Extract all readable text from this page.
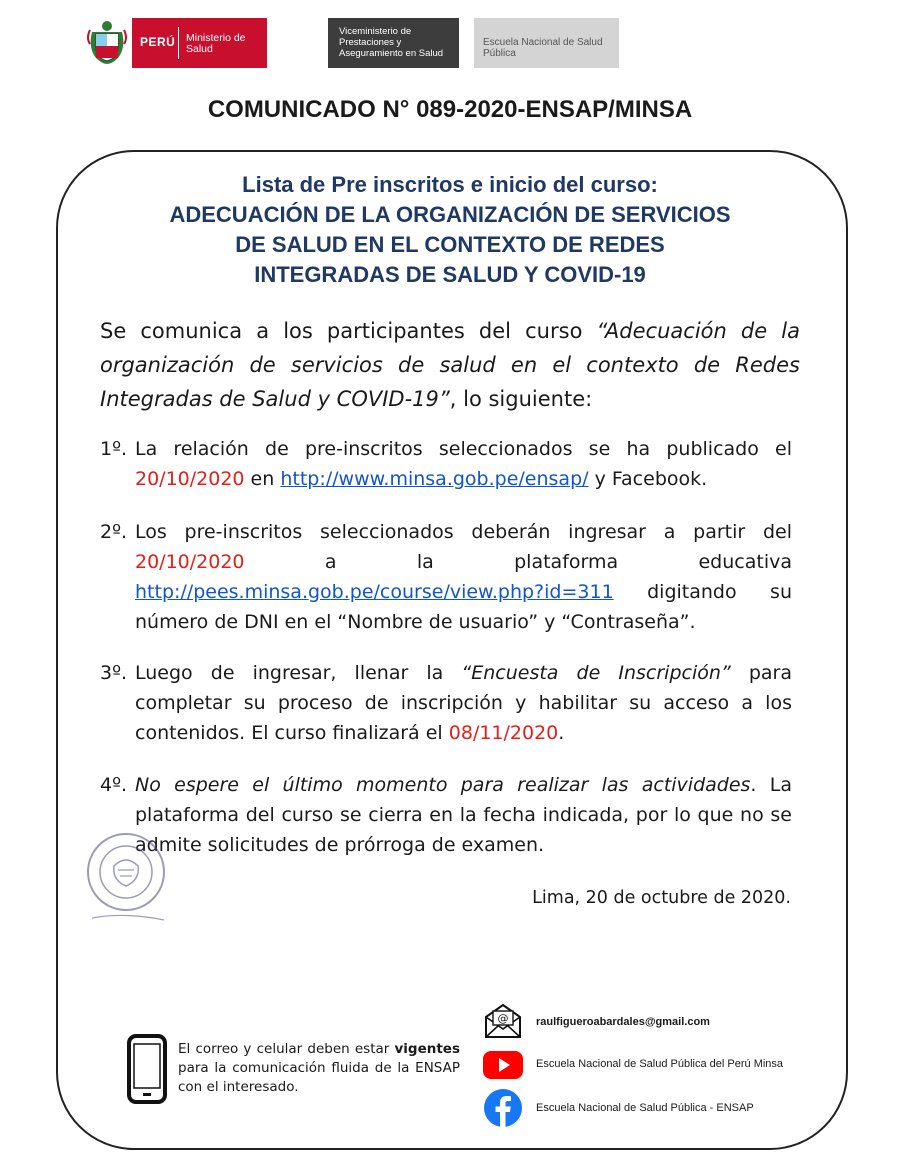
PERÚ Ministerio de Salud
Viceministerio de Prestaciones y Aseguramiento en Salud
Escuela Nacional de Salud Pública
COMUNICADO N° 089-2020-ENSAP/MINSA
Lista de Pre inscritos e inicio del curso:
ADECUACIÓN DE LA ORGANIZACIÓN DE SERVICIOS
DE SALUD EN EL CONTEXTO DE REDES
INTEGRADAS DE SALUD Y COVID-19
Se comunica a los participantes del curso “Adecuación de la organización de servicios de salud en el contexto de Redes Integradas de Salud y COVID-19”, lo siguiente:
1º. La relación de pre-inscritos seleccionados se ha publicado el 20/10/2020 en http://www.minsa.gob.pe/ensap/ y Facebook.
2º. Los pre-inscritos seleccionados deberán ingresar a partir del 20/10/2020 a la plataforma educativa http://pees.minsa.gob.pe/course/view.php?id=311 digitando su número de DNI en el “Nombre de usuario” y “Contraseña”.
3º. Luego de ingresar, llenar la “Encuesta de Inscripción” para completar su proceso de inscripción y habilitar su acceso a los contenidos. El curso finalizará el 08/11/2020.
4º. No espere el último momento para realizar las actividades. La plataforma del curso se cierra en la fecha indicada, por lo que no se admite solicitudes de prórroga de examen.
Lima, 20 de octubre de 2020.
El correo y celular deben estar vigentes para la comunicación fluida de la ENSAP con el interesado.
@	raulfigueroabardales@gmail.com
Escuela Nacional de Salud Pública del Perú Minsa
Escuela Nacional de Salud Pública - ENSAP
